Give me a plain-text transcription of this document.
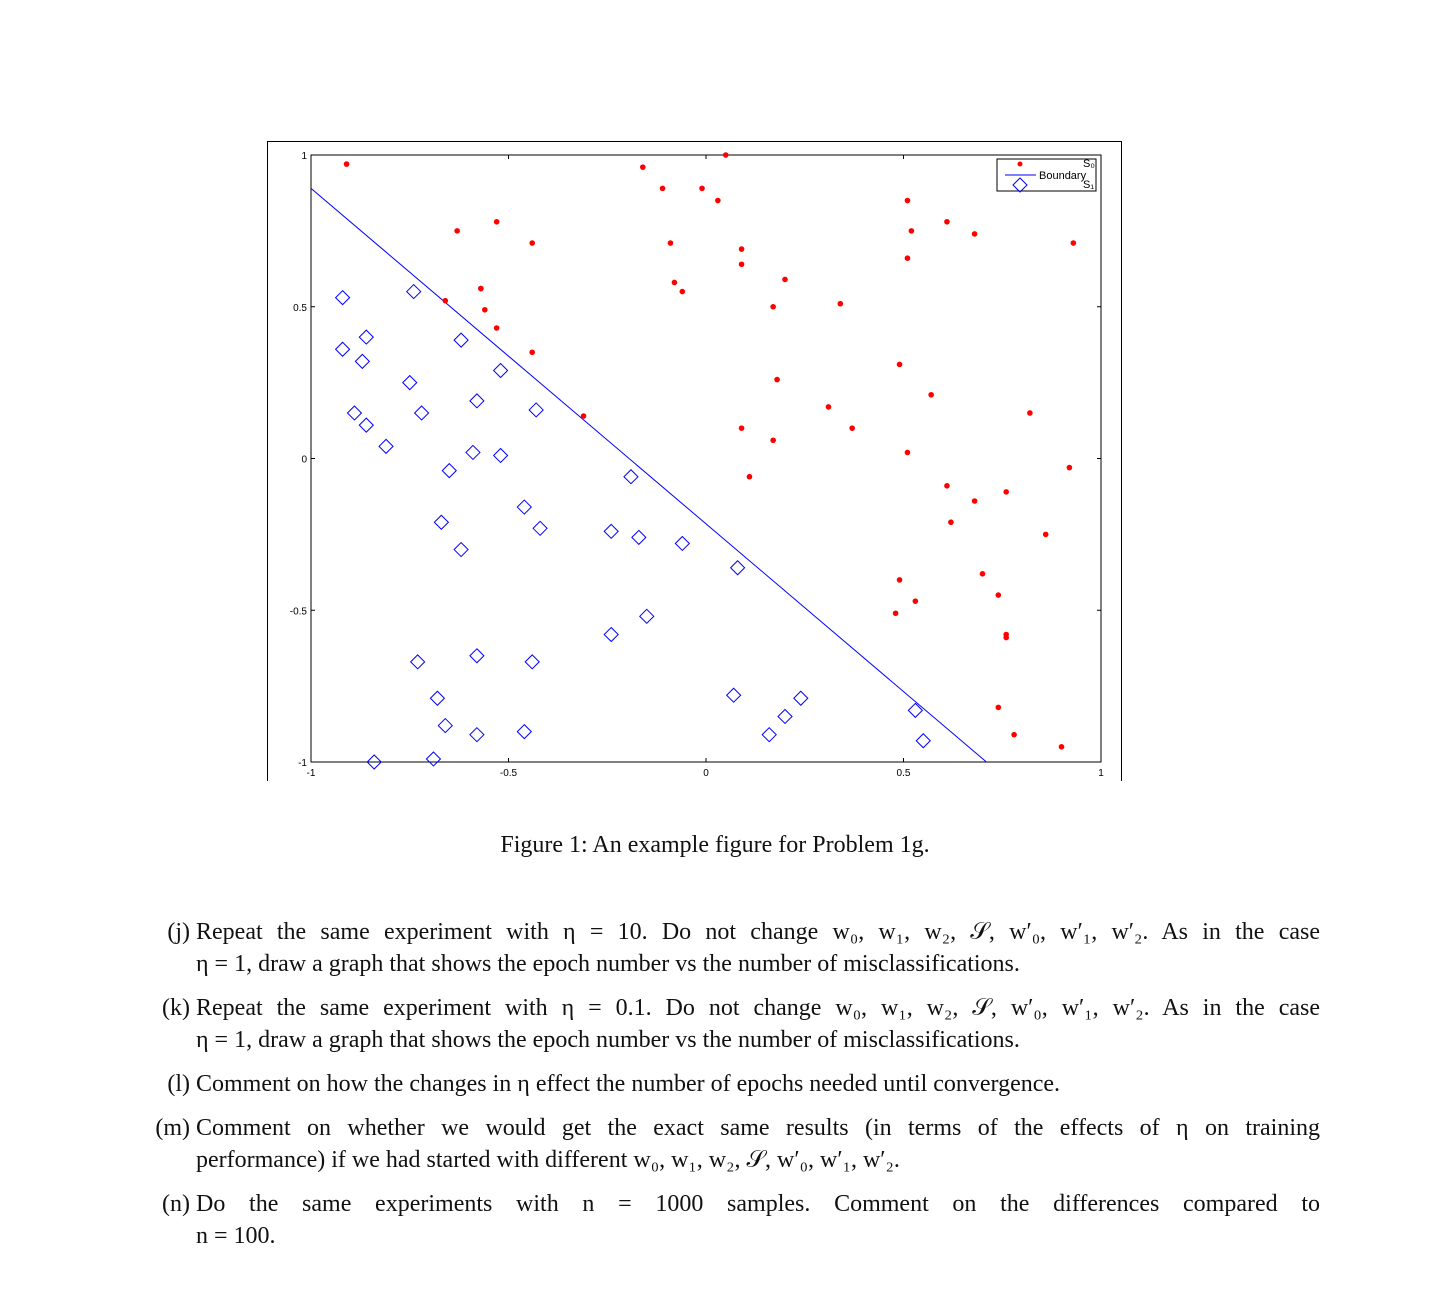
-1	-0.5	0	0.5	1
1
0.5
0
-0.5
-1
S₀
Boundary
S₁
Figure 1: An example figure for Problem 1g.
(j) Repeat the same experiment with η = 10. Do not change w₀, w₁, w₂, 𝒮, w′₀, w′₁, w′₂. As in the case
η = 1, draw a graph that shows the epoch number vs the number of misclassifications.
(k) Repeat the same experiment with η = 0.1. Do not change w₀, w₁, w₂, 𝒮, w′₀, w′₁, w′₂. As in the case
η = 1, draw a graph that shows the epoch number vs the number of misclassifications.
(l) Comment on how the changes in η effect the number of epochs needed until convergence.
(m) Comment on whether we would get the exact same results (in terms of the effects of η on training
performance) if we had started with different w₀, w₁, w₂, 𝒮, w′₀, w′₁, w′₂.
(n) Do the same experiments with n = 1000 samples. Comment on the differences compared to
n = 100.
